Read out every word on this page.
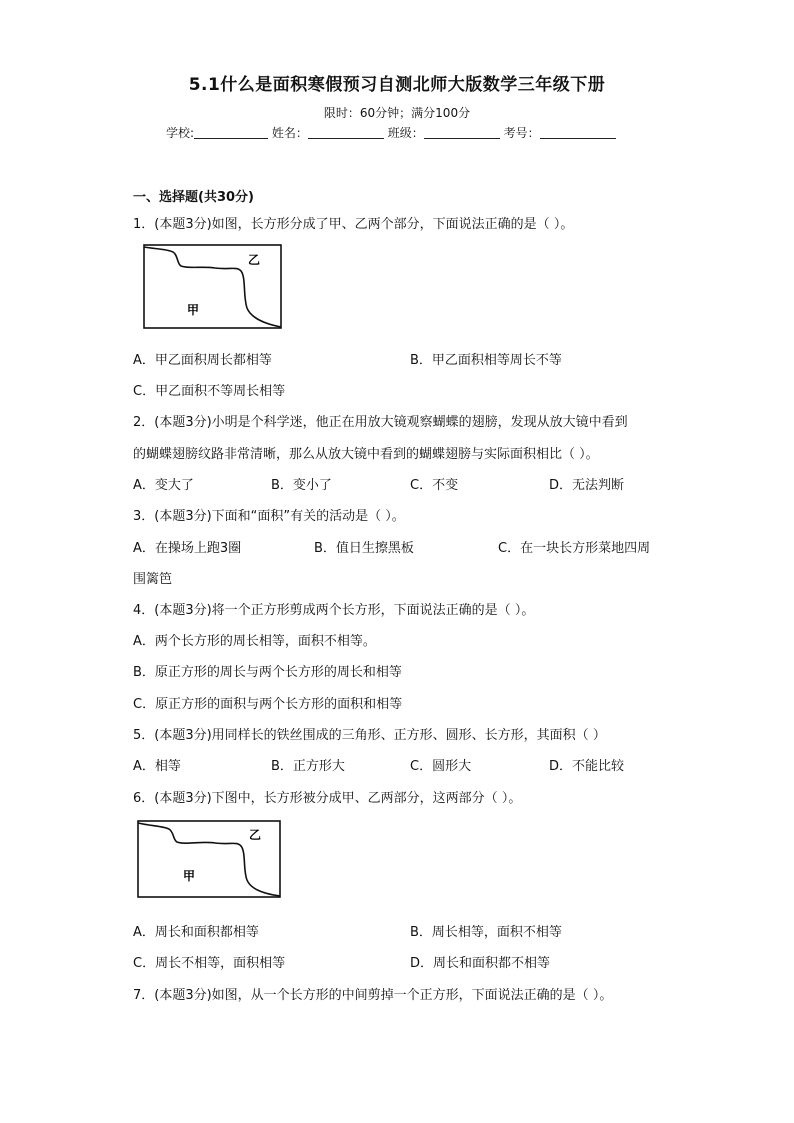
5.1什么是面积寒假预习自测北师大版数学三年级下册
限时：60分钟；满分100分
学校:	姓名：	班级：	考号：
一、选择题(共30分)
1．(本题3分)如图，长方形分成了甲、乙两个部分，下面说法正确的是（ ）。
甲
乙
A．甲乙面积周长都相等	B．甲乙面积相等周长不等
C．甲乙面积不等周长相等
2．(本题3分)小明是个科学迷，他正在用放大镜观察蝴蝶的翅膀，发现从放大镜中看到
的蝴蝶翅膀纹路非常清晰，那么从放大镜中看到的蝴蝶翅膀与实际面积相比（ ）。
A．变大了	B．变小了	C．不变	D．无法判断
3．(本题3分)下面和“面积”有关的活动是（ ）。
A．在操场上跑3圈	B．值日生擦黑板	C．在一块长方形菜地四周
围篱笆
4．(本题3分)将一个正方形剪成两个长方形，下面说法正确的是（ ）。
A．两个长方形的周长相等，面积不相等。
B．原正方形的周长与两个长方形的周长和相等
C．原正方形的面积与两个长方形的面积和相等
5．(本题3分)用同样长的铁丝围成的三角形、正方形、圆形、长方形，其面积（ ）
A．相等	B．正方形大	C．圆形大	D．不能比较
6．(本题3分)下图中，长方形被分成甲、乙两部分，这两部分（ ）。
甲
乙
A．周长和面积都相等	B．周长相等，面积不相等
C．周长不相等，面积相等	D．周长和面积都不相等
7．(本题3分)如图，从一个长方形的中间剪掉一个正方形，下面说法正确的是（ ）。
